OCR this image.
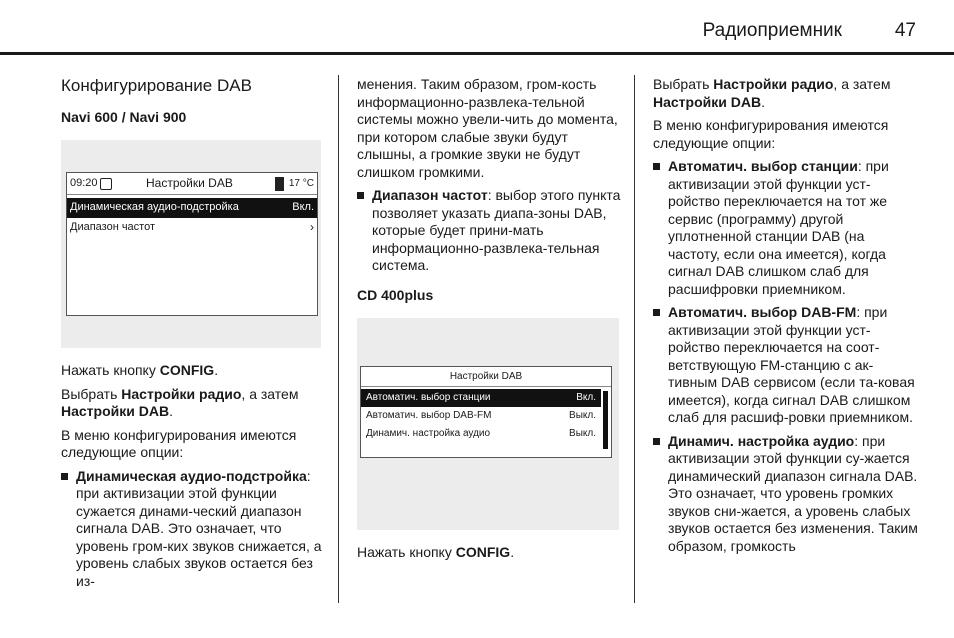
Радиоприемник	47
Конфигурирование DAB
Navi 600 / Navi 900
09:20	Настройки DAB	17 °C
Динамическая аудио-подстройка	Вкл.
Диапазон частот	›

Нажать кнопку CONFIG.

Выбрать Настройки радио, а затем Настройки DAB.

В меню конфигурирования имеются следующие опции:

Динамическая аудио-подстройка: при активизации этой функции сужается динами-ческий диапазон сигнала DAB. Это означает, что уровень гром-ких звуков снижается, а уровень слабых звуков остается без из-

менения. Таким образом, гром-кость информационно-развлека-тельной системы можно увели-чить до момента, при котором слабые звуки будут слышны, а громкие звуки не будут слишком громкими.

Диапазон частот: выбор этого пункта позволяет указать диапа-зоны DAB, которые будет прини-мать информационно-развлека-тельная система.
CD 400plus
Настройки DAB
Автоматич. выбор станции	Вкл.
Автоматич. выбор DAB-FM	Выкл.
Динамич. настройка аудио	Выкл.

Нажать кнопку CONFIG.

Выбрать Настройки радио, а затем Настройки DAB.

В меню конфигурирования имеются следующие опции:

Автоматич. выбор станции: при активизации этой функции уст-ройство переключается на тот же сервис (программу) другой уплотненной станции DAB (на частоту, если она имеется), когда сигнал DAB слишком слаб для расшифровки приемником.
Автоматич. выбор DAB-FM: при активизации этой функции уст-ройство переключается на соот-ветствующую FM-станцию с ак-тивным DAB сервисом (если та-ковая имеется), когда сигнал DAB слишком слаб для расшиф-ровки приемником.
Динамич. настройка аудио: при активизации этой функции су-жается динамический диапазон сигнала DAB. Это означает, что уровень громких звуков сни-жается, а уровень слабых звуков остается без изменения. Таким образом, громкость
